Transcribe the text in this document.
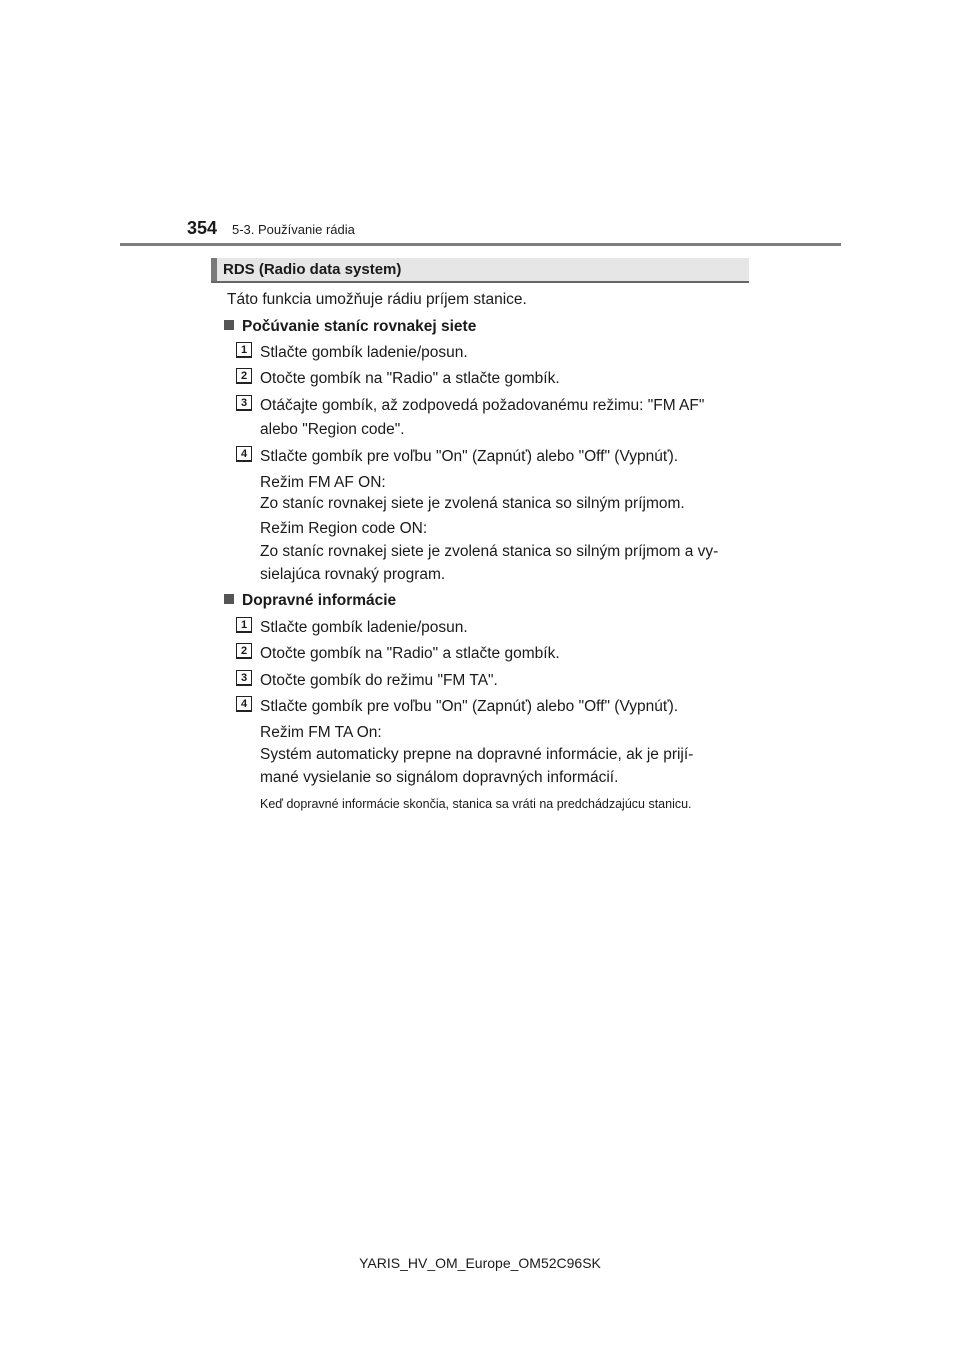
354 5-3. Používanie rádia
RDS (Radio data system)
Táto funkcia umožňuje rádiu príjem stanice.
Počúvanie staníc rovnakej siete
1 Stlačte gombík ladenie/posun.
2 Otočte gombík na "Radio" a stlačte gombík.
3 Otáčajte gombík, až zodpovedá požadovanému režimu: "FM AF"
alebo "Region code".
4 Stlačte gombík pre voľbu "On" (Zapnúť) alebo "Off" (Vypnúť).
Režim FM AF ON:
Zo staníc rovnakej siete je zvolená stanica so silným príjmom.
Režim Region code ON:
Zo staníc rovnakej siete je zvolená stanica so silným príjmom a vy-
sielajúca rovnaký program.
Dopravné informácie
1 Stlačte gombík ladenie/posun.
2 Otočte gombík na "Radio" a stlačte gombík.
3 Otočte gombík do režimu "FM TA".
4 Stlačte gombík pre voľbu "On" (Zapnúť) alebo "Off" (Vypnúť).
Režim FM TA On:
Systém automaticky prepne na dopravné informácie, ak je prijí-
mané vysielanie so signálom dopravných informácií.
Keď dopravné informácie skončia, stanica sa vráti na predchádzajúcu stanicu.
YARIS_HV_OM_Europe_OM52C96SK
